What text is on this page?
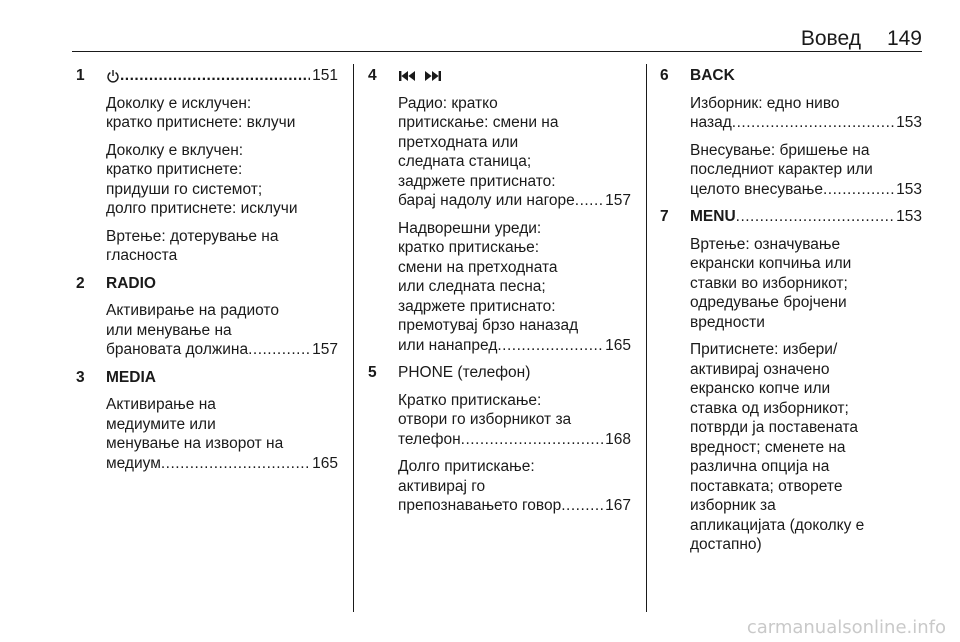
Вовед 149
1 .....	151
Доколку е исклучен:
кратко притиснете: вклучи
Доколку е вклучен:
кратко притиснете:
придуши го системот;
долго притиснете: исклучи
Вртење: дотерување на
гласноста
2	RADIO
Активирање на радиото
или менување на
брановата должина .....	157
3	MEDIA
Активирање на
медиумите или
менување на изворот на
медиум .....	165
4

Радио: кратко
притискање: смени на
претходната или
следната станица;
задржете притиснато:
барај надолу или нагоре ..... 157
Надворешни уреди:
кратко притискање:
смени на претходната
или следната песна;
задржете притиснато:
премотувај брзо наназад
или нанапред .....	165
5	PHONE (телефон)
Кратко притискање:
отвори го изборникот за
телефон .....	168
Долго притискање:
активирај го
препознавањето говор .....	167
6	BACK
Изборник: едно ниво
назад .....	153
Внесување: бришење на
последниот карактер или
целото внесување .....	153
7	MENU .....	153
Вртење: означување
екрански копчиња или
ставки во изборникот;
одредување бројчени
вредности
Притиснете: избери/
активирај означено
екранско копче или
ставка од изборникот;
потврди ја поставената
вредност; сменете на
различна опција на
поставката; отворете
изборник за
апликацијата (доколку е
достапно)
carmanualsonline.info
